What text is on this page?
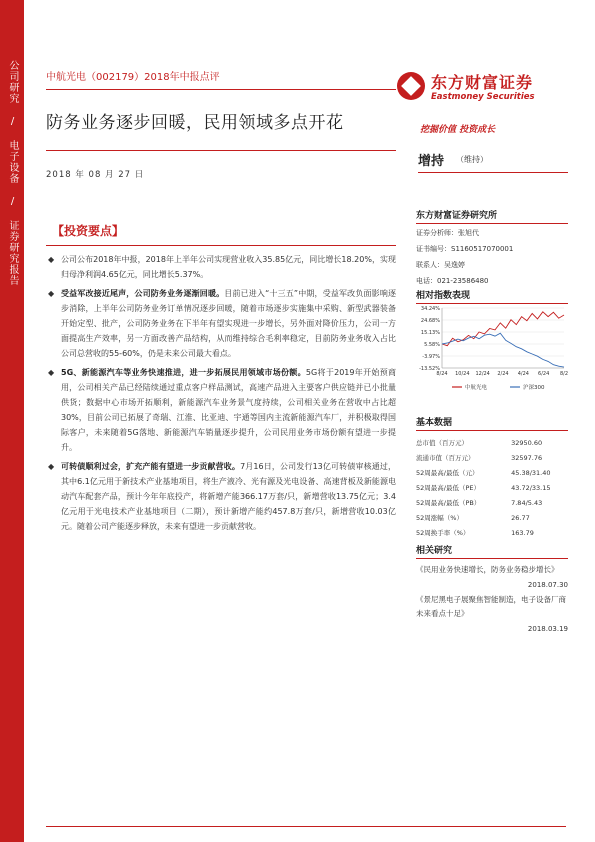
公司研究 / 电子设备 / 证券研究报告	中航光电（002179）2018年中报点评
防务业务逐步回暖，民用领域多点开花
2018 年 08 月 27 日
东方财富证券
Eastmoney Securities
挖掘价值 投资成长
增持 （维持）
【投资要点】
◆ 公司公布2018年中报，2018年上半年公司实现营业收入35.85亿元，同比增长18.20%，实现归母净利润4.65亿元，同比增长5.37%。
◆ 受益军改接近尾声，公司防务业务逐渐回暖。目前已进入“十三五”中期，受益军改负面影响逐步消除，上半年公司防务业务订单情况逐步回暖，随着市场逐步实施集中采购、新型武器装备开始定型、批产，公司防务业务在下半年有望实现进一步增长，另外面对降价压力，公司一方面提高生产效率，另一方面改善产品结构，从而维持综合毛利率稳定，目前防务业务收入占比公司总营收的55-60%，仍是未来公司最大看点。
◆ 5G、新能源汽车等业务快速推进，进一步拓展民用领域市场份额。5G将于2019年开始预商用，公司相关产品已经陆续通过重点客户样品测试，高速产品进入主要客户供应链并已小批量供货；数据中心市场开拓顺利，新能源汽车业务景气度持续，公司相关业务在营收中占比超30%，目前公司已拓展了奇瑞、江淮、比亚迪、宇通等国内主流新能源汽车厂，并积极取得国际客户，未来随着5G落地、新能源汽车销量逐步提升，公司民用业务市场份额有望进一步提升。
◆ 可转债顺利过会，扩充产能有望进一步贡献营收。7月16日，公司发行13亿可转债审核通过，其中6.1亿元用于新技术产业基地项目，将生产液冷、光有源及光电设备、高速背板及新能源电动汽车配套产品，预计今年年底投产，将新增产能366.17万套/只，新增营收13.75亿元；3.4亿元用于光电技术产业基地项目（二期），预计新增产能约457.8万套/只，新增营收10.03亿元。随着公司产能逐步释放，未来有望进一步贡献营收。
东方财富证券研究所
证券分析师：张旭代
证书编号：S1160517070001
联系人：吴逸婷
电话：021-23586480
相对指数表现
34.24%
24.68%
15.13%
5.58%
-3.97%
-13.52%
8/24 10/24 12/24 2/24 4/24 6/24 8/2
中航光电	沪深300
基本数据
总市值（百万元）	32950.60
流通市值（百万元）	32597.76
52周最高/最低（元）	45.38/31.40
52周最高/最低（PE）	43.72/33.15
52周最高/最低（PB）	7.84/5.43
52周涨幅（%）	26.77
52周换手率（%）	163.79
相关研究
《民用业务快速增长，防务业务稳步增长》
2018.07.30
《景尼黑电子展聚焦智能制造，电子设备厂商未来看点十足》
2018.03.19
